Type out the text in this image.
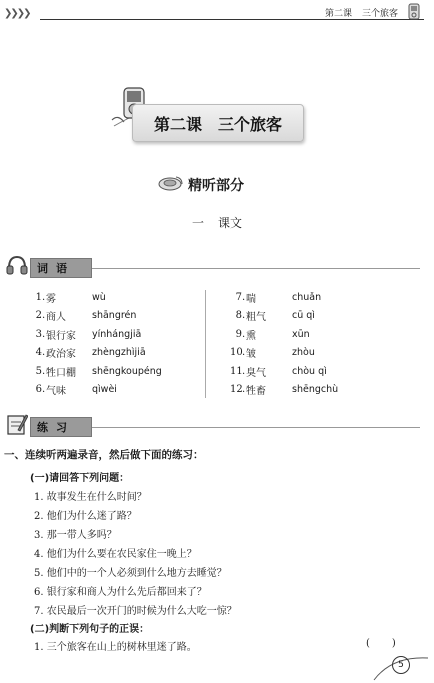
❯❯❯❯	第二课 三个旅客
第二课　三个旅客
精听部分
一 课文
词语
1 . 雾	wù
2 . 商人	shāngrén
3 . 银行家	yínhángjiā
4 . 政治家	zhèngzhìjiā
5 . 牲口棚	shēngkoupéng
6 . 气味	qìwèi
7 . 喘	chuǎn
8 . 粗气	cū qì
9 . 熏	xūn
10 . 皱	zhòu
11 . 臭气	chòu qì
12 . 牲畜	shēngchù
练习
一、连续听两遍录音，然后做下面的练习：
(一)请回答下列问题：
1. 故事发生在什么时间？
2. 他们为什么迷了路？
3. 那一带人多吗？
4. 他们为什么要在农民家住一晚上？
5. 他们中的一个人必须到什么地方去睡觉？
6. 银行家和商人为什么先后都回来了？
7. 农民最后一次开门的时候为什么大吃一惊？
(二)判断下列句子的正误：
1. 三个旅客在山上的树林里迷了路。	( )
5
